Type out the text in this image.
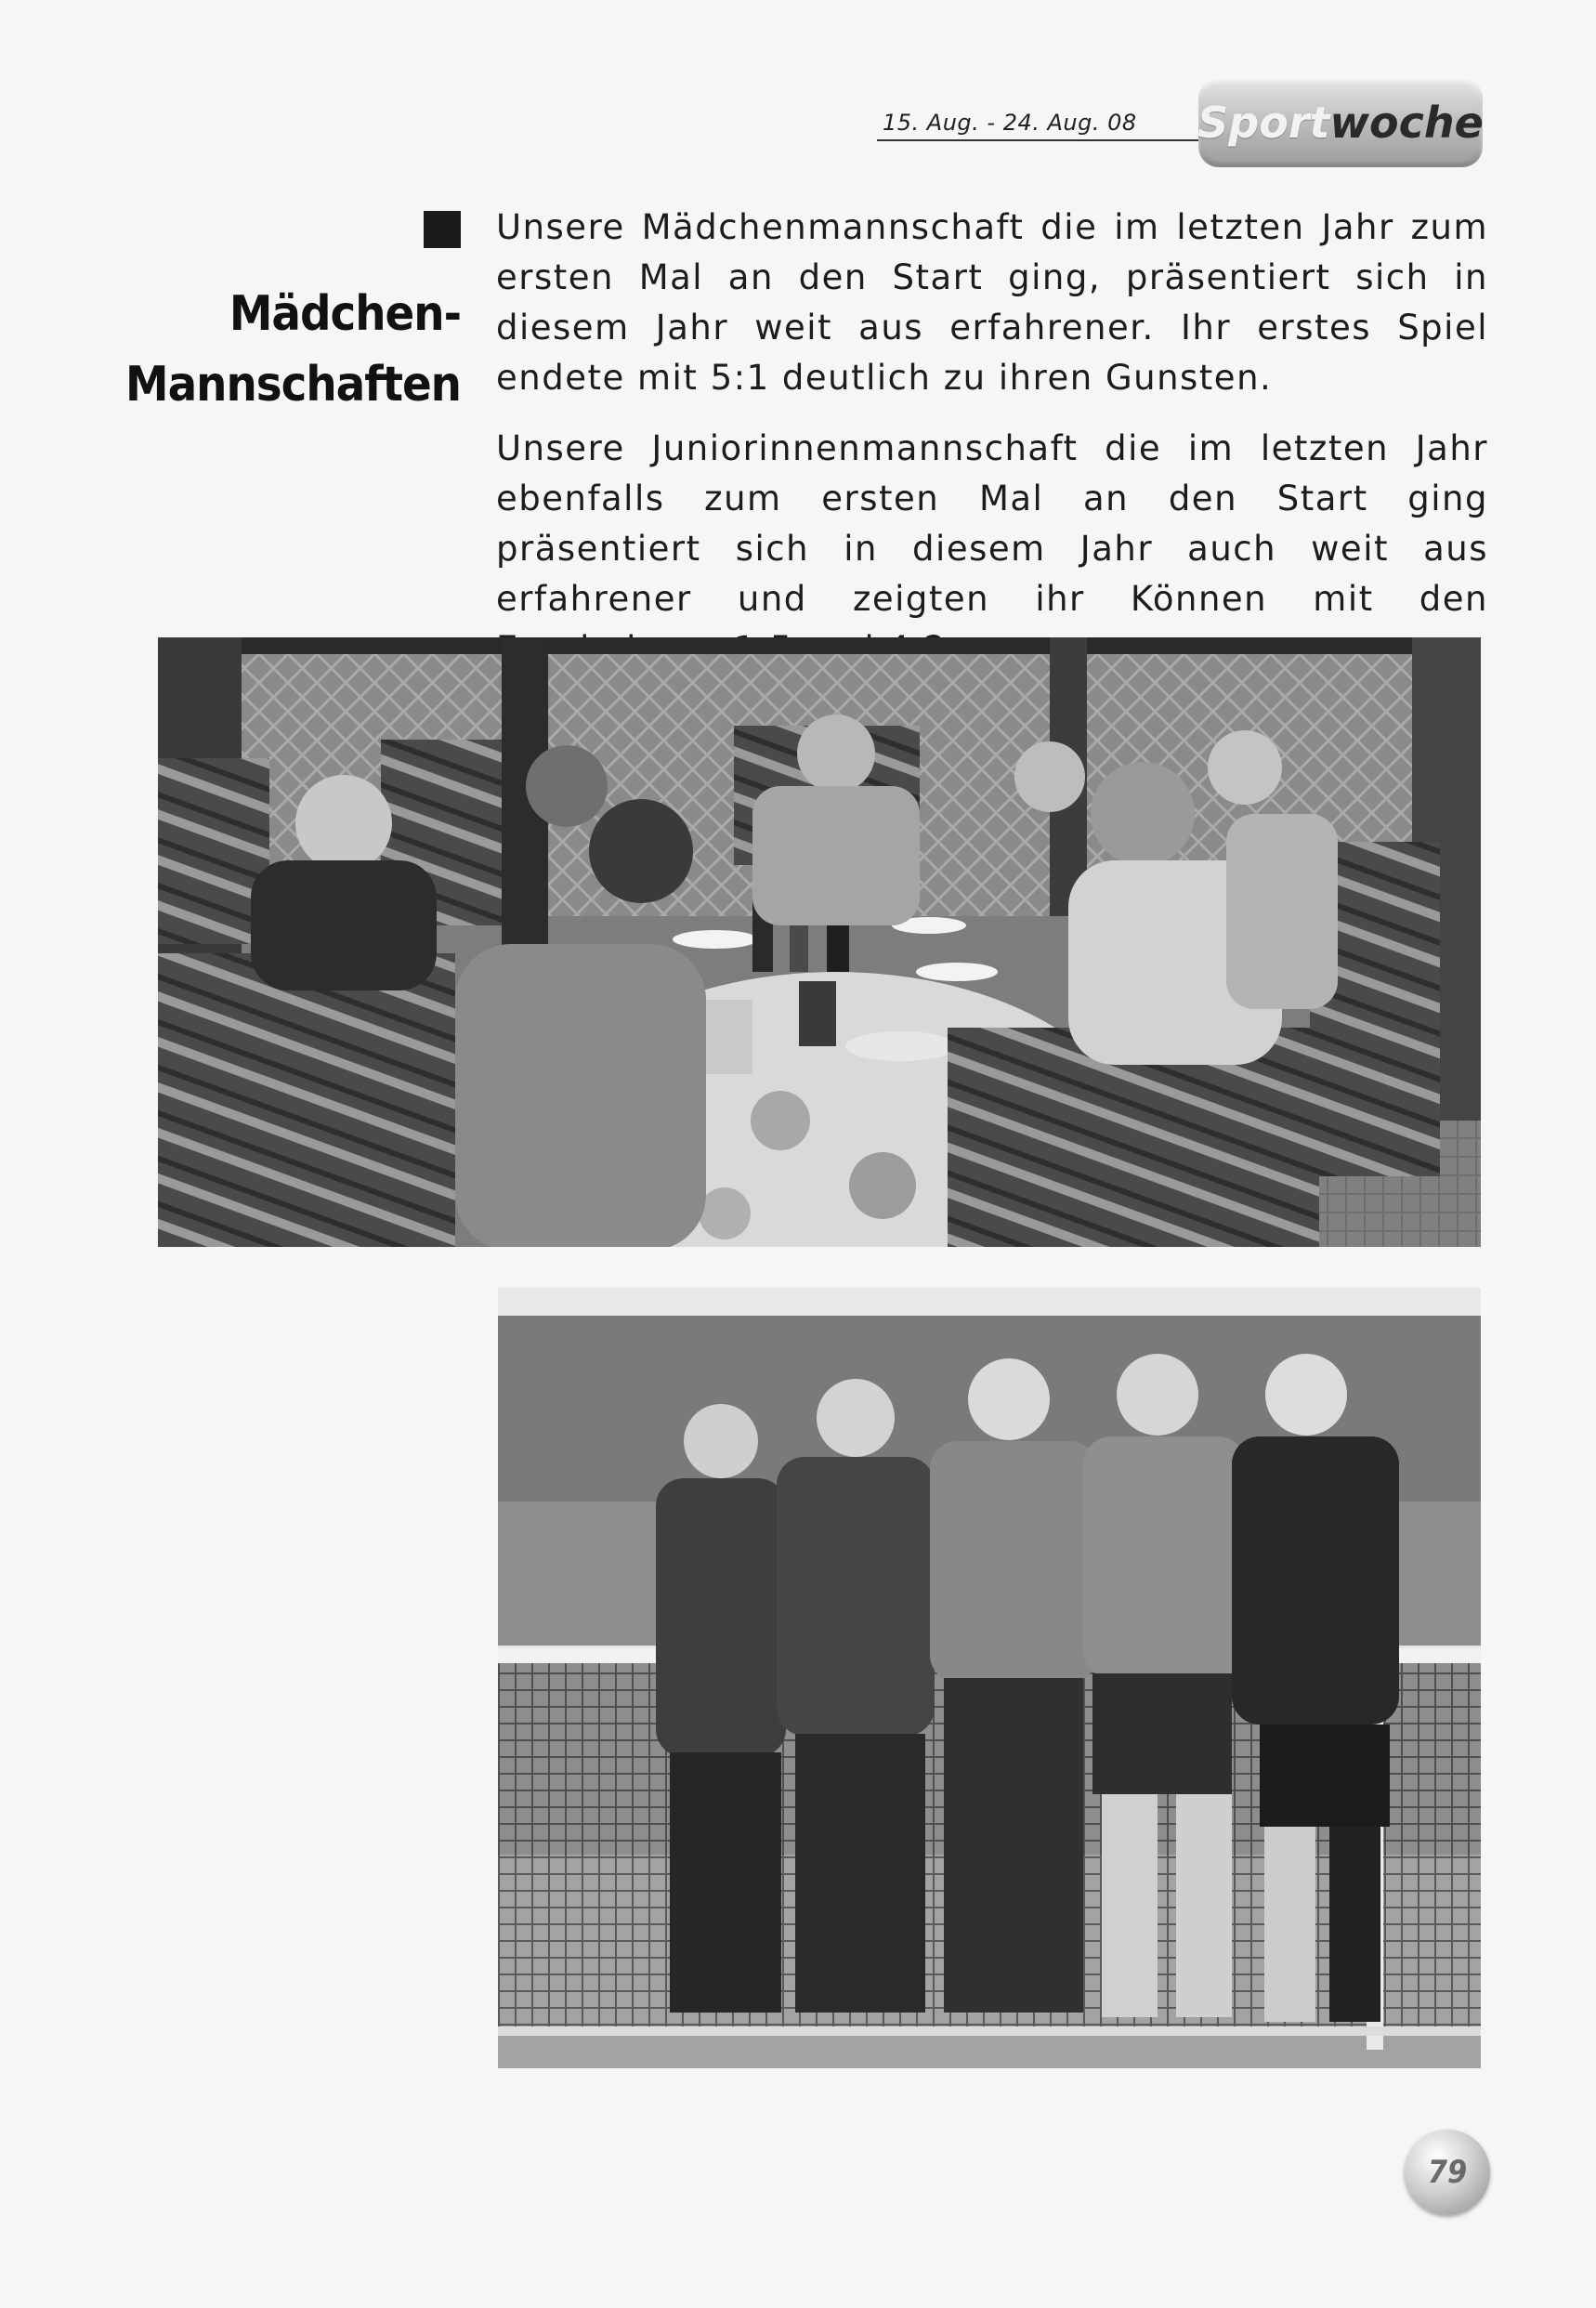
15. Aug. - 24. Aug. 08 Sport woche
Mädchen-
Mannschaften

Unsere Mädchenmannschaft die im letzten Jahr zum ersten Mal an den Start ging, präsentiert sich in diesem Jahr weit aus erfahrener. Ihr erstes Spiel endete mit 5:1 deutlich zu ihren Gunsten.

Unsere Juniorinnenmannschaft die im letzten Jahr ebenfalls zum ersten Mal an den Start ging präsentiert sich in diesem Jahr auch weit aus erfahrener und zeigten ihr Können mit den

79
